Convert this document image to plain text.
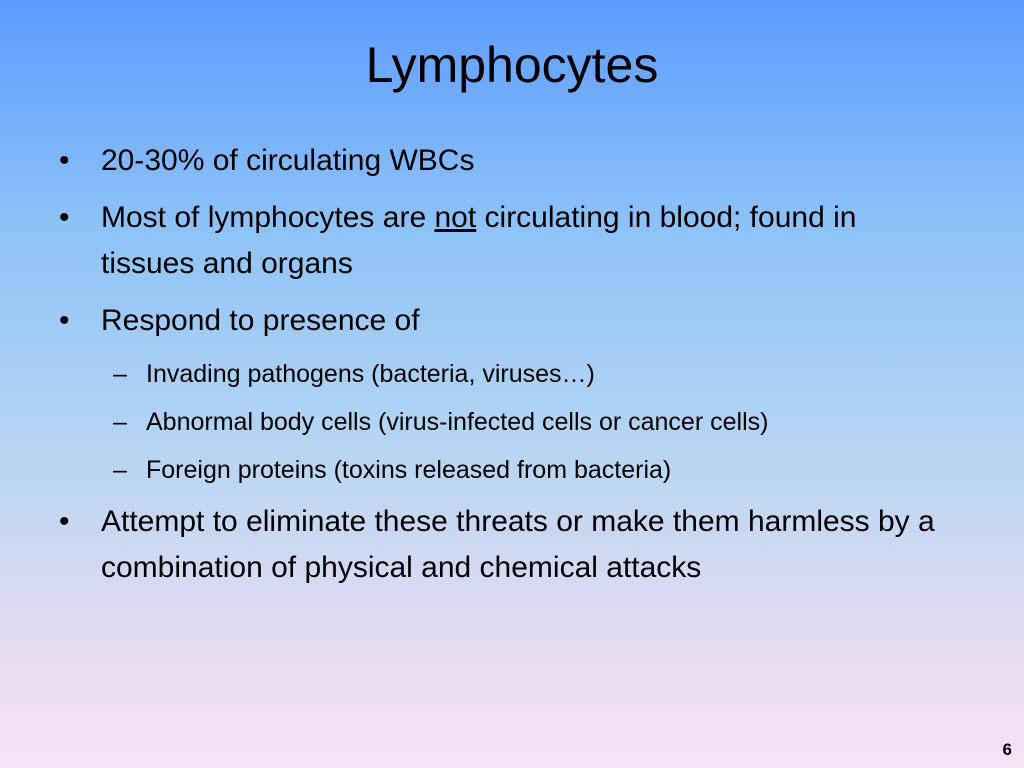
Lymphocytes
• 20-30% of circulating WBCs
• Most of lymphocytes are not circulating in blood; found in tissues and organs
• Respond to presence of
– Invading pathogens (bacteria, viruses…)
– Abnormal body cells (virus-infected cells or cancer cells)
– Foreign proteins (toxins released from bacteria)
• Attempt to eliminate these threats or make them harmless by a combination of physical and chemical attacks
6
